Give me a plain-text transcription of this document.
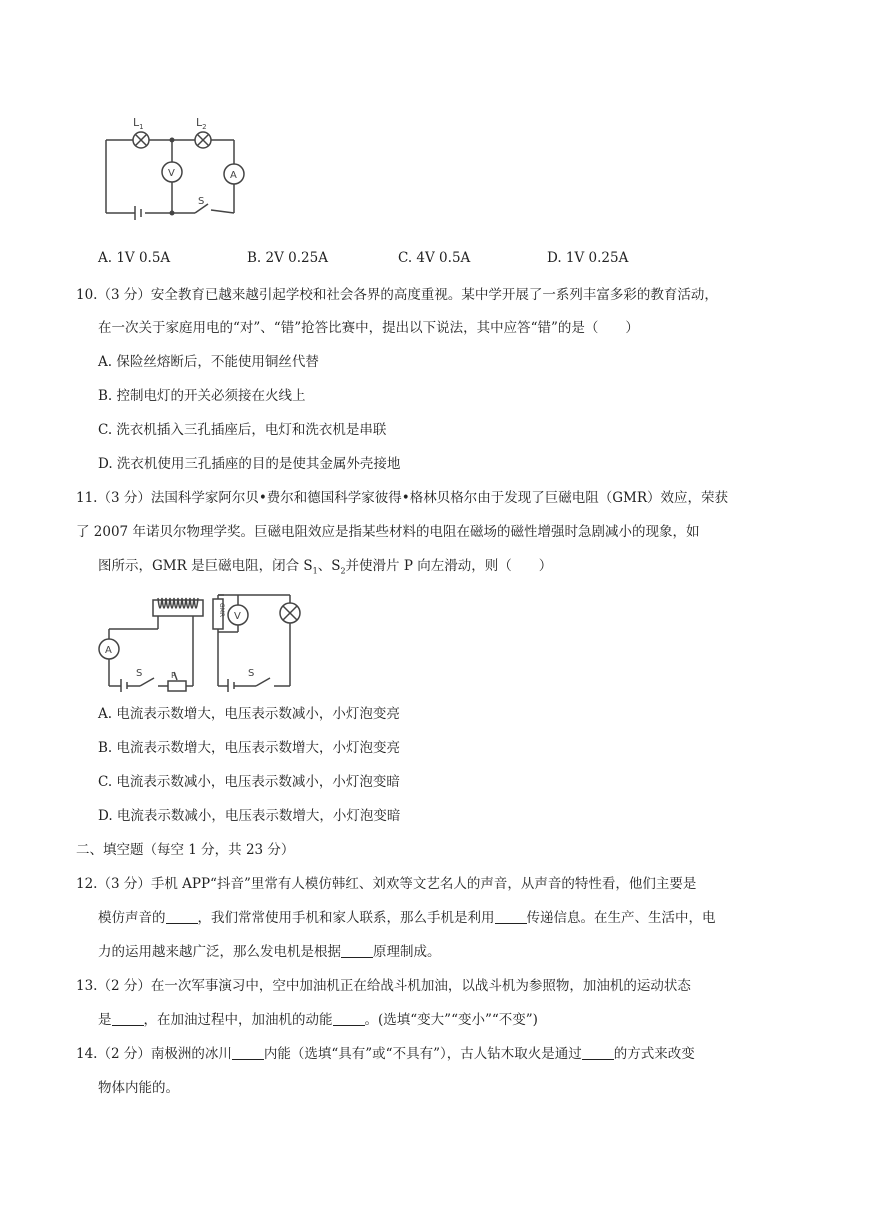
$L_1$	$L_2$
V	A
S
A. 1V 0.5A	B. 2V 0.25A	C. 4V 0.5A	D. 1V 0.25A
10.（3 分）安全教育已越来越引起学校和社会各界的高度重视。某中学开展了一系列丰富多彩的教育活动，
在一次关于家庭用电的“对”、“错”抢答比赛中，提出以下说法，其中应答“错”的是（　　）
A. 保险丝熔断后，不能使用铜丝代替
B. 控制电灯的开关必须接在火线上
C. 洗衣机插入三孔插座后，电灯和洗衣机是串联
D. 洗衣机使用三孔插座的目的是使其金属外壳接地
11.（3 分）法国科学家阿尔贝•费尔和德国科学家彼得•格林贝格尔由于发现了巨磁电阻（GMR）效应，荣获
了 2007 年诺贝尔物理学奖。巨磁电阻效应是指某些材料的电阻在磁场的磁性增强时急剧减小的现象，如
图所示，GMR 是巨磁电阻，闭合 $S_1$、$S_2$并使滑片 P 向左滑动，则（　　）
A
S	P
GMR V
S
A. 电流表示数增大，电压表示数减小，小灯泡变亮
B. 电流表示数增大，电压表示数增大，小灯泡变亮
C. 电流表示数减小，电压表示数减小，小灯泡变暗
D. 电流表示数减小，电压表示数增大，小灯泡变暗
二、填空题（每空 1 分，共 23 分）
12.（3 分）手机 APP“抖音”里常有人模仿韩红、刘欢等文艺名人的声音，从声音的特性看，他们主要是
模仿声音的 ，我们常常使用手机和家人联系，那么手机是利用 传递信息。在生产、生活中，电
力的运用越来越广泛，那么发电机是根据 原理制成。
13.（2 分）在一次军事演习中，空中加油机正在给战斗机加油，以战斗机为参照物，加油机的运动状态
是 ，在加油过程中，加油机的动能 。(选填“变大”“变小”“不变”)
14.（2 分）南极洲的冰川 内能（选填“具有”或“不具有”），古人钻木取火是通过 的方式来改变
物体内能的。
